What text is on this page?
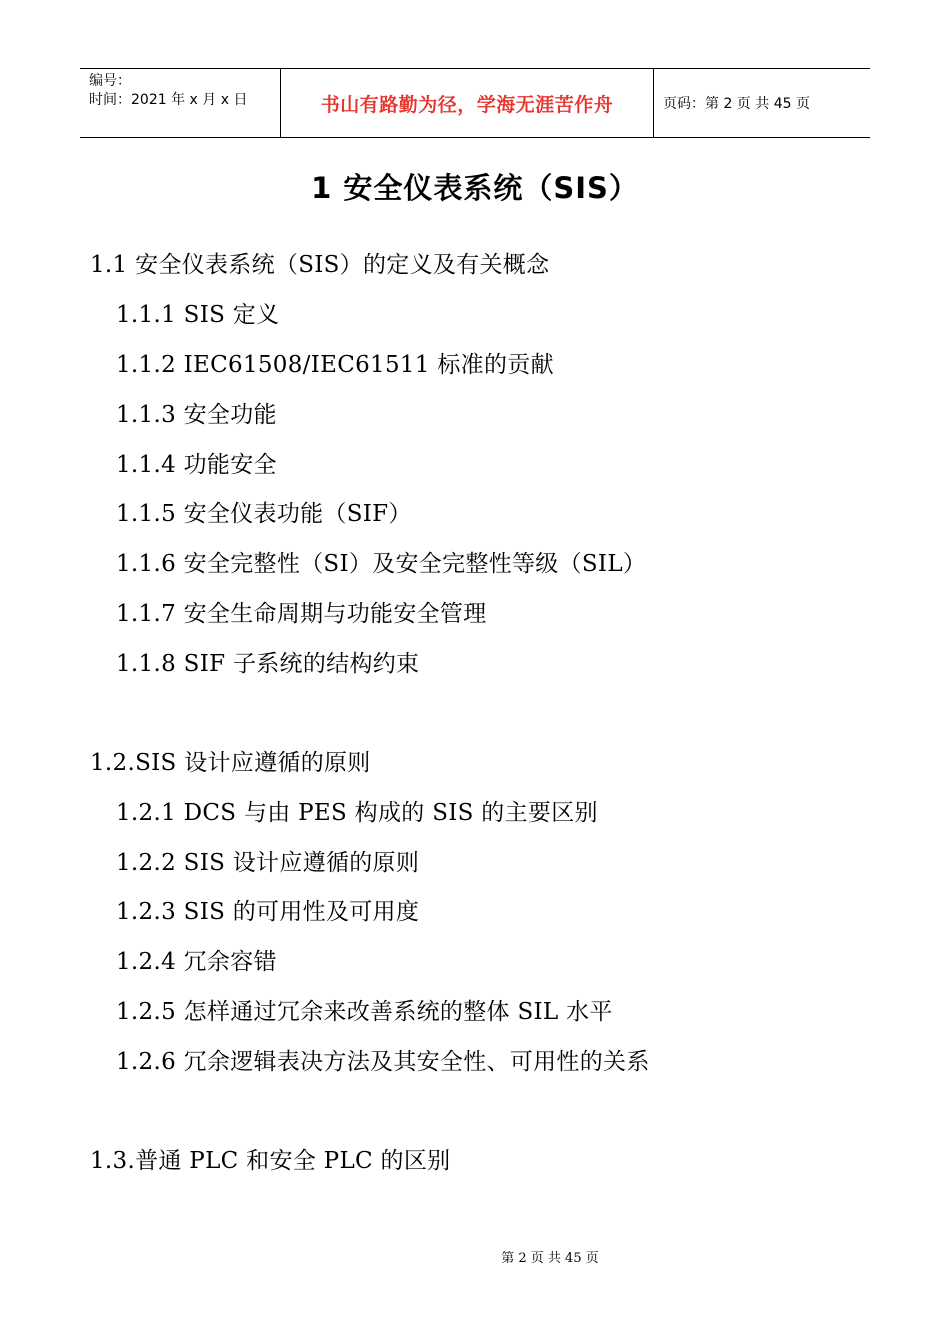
编号：
时间：2021 年 x 月 x 日	书山有路勤为径，学海无涯苦作舟	页码：第 2 页 共 45 页
1 安全仪表系统（SIS）
1.1 安全仪表系统（SIS）的定义及有关概念
1.1.1 SIS 定义
1.1.2 IEC61508/IEC61511 标准的贡献
1.1.3 安全功能
1.1.4 功能安全
1.1.5 安全仪表功能（SIF）
1.1.6 安全完整性（SI）及安全完整性等级（SIL）
1.1.7 安全生命周期与功能安全管理
1.1.8 SIF 子系统的结构约束
1.2.SIS 设计应遵循的原则
1.2.1 DCS 与由 PES 构成的 SIS 的主要区别
1.2.2 SIS 设计应遵循的原则
1.2.3 SIS 的可用性及可用度
1.2.4 冗余容错
1.2.5 怎样通过冗余来改善系统的整体 SIL 水平
1.2.6 冗余逻辑表决方法及其安全性、可用性的关系
1.3.普通 PLC 和安全 PLC 的区别
第 2 页 共 45 页
